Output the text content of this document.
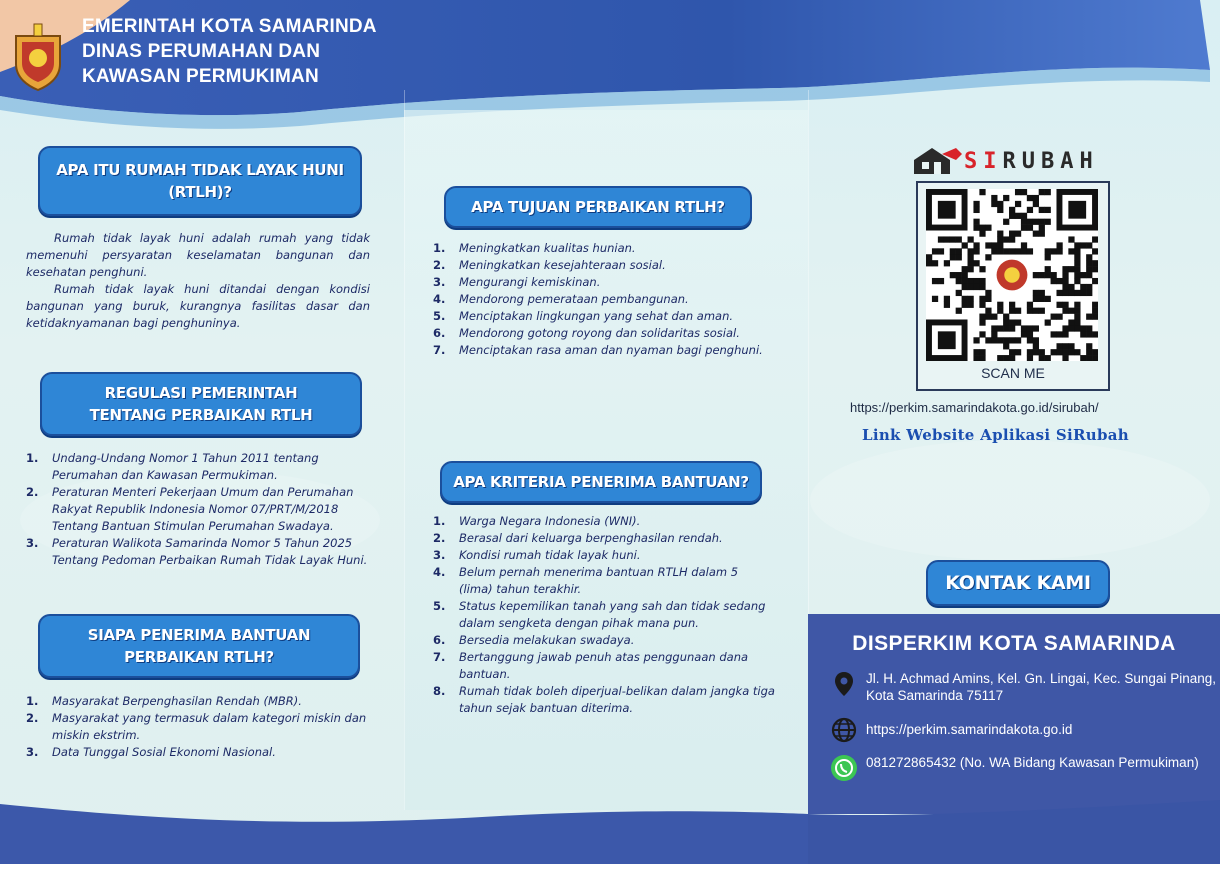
EMERINTAH KOTA SAMARINDA
DINAS PERUMAHAN DAN
KAWASAN PERMUKIMAN
APA ITU RUMAH TIDAK LAYAK HUNI
(RTLH)?

Rumah tidak layak huni adalah rumah yang tidak memenuhi persyaratan keselamatan bangunan dan kesehatan penghuni.

Rumah tidak layak huni ditandai dengan kondisi bangunan yang buruk, kurangnya fasilitas dasar dan ketidaknyamanan bagi penghuninya.

REGULASI PEMERINTAH
TENTANG PERBAIKAN RTLH
1. Undang-Undang Nomor 1 Tahun 2011 tentang Perumahan dan Kawasan Permukiman.
2. Peraturan Menteri Pekerjaan Umum dan Perumahan Rakyat Republik Indonesia Nomor 07/PRT/M/2018 Tentang Bantuan Stimulan Perumahan Swadaya.
3. Peraturan Walikota Samarinda Nomor 5 Tahun 2025 Tentang Pedoman Perbaikan Rumah Tidak Layak Huni.
SIAPA PENERIMA BANTUAN
PERBAIKAN RTLH?
1. Masyarakat Berpenghasilan Rendah (MBR).
2. Masyarakat yang termasuk dalam kategori miskin dan miskin ekstrim.
3. Data Tunggal Sosial Ekonomi Nasional.
APA TUJUAN PERBAIKAN RTLH?
1. Meningkatkan kualitas hunian.
2. Meningkatkan kesejahteraan sosial.
3. Mengurangi kemiskinan.
4. Mendorong pemerataan pembangunan.
5. Menciptakan lingkungan yang sehat dan aman.
6. Mendorong gotong royong dan solidaritas sosial.
7. Menciptakan rasa aman dan nyaman bagi penghuni.
APA KRITERIA PENERIMA BANTUAN?
1. Warga Negara Indonesia (WNI).
2. Berasal dari keluarga berpenghasilan rendah.
3. Kondisi rumah tidak layak huni.
4. Belum pernah menerima bantuan RTLH dalam 5 (lima) tahun terakhir.
5. Status kepemilikan tanah yang sah dan tidak sedang dalam sengketa dengan pihak mana pun.
6. Bersedia melakukan swadaya.
7. Bertanggung jawab penuh atas penggunaan dana bantuan.
8. Rumah tidak boleh diperjual-belikan dalam jangka tiga tahun sejak bantuan diterima.
SIRUBAH
SCAN ME
https://perkim.samarindakota.go.id/sirubah/
Link Website Aplikasi SiRubah
KONTAK KAMI
DISPERKIM KOTA SAMARINDA
Jl. H. Achmad Amins, Kel. Gn. Lingai, Kec. Sungai Pinang, Kota Samarinda 75117
https://perkim.samarindakota.go.id
081272865432 (No. WA Bidang Kawasan Permukiman)
